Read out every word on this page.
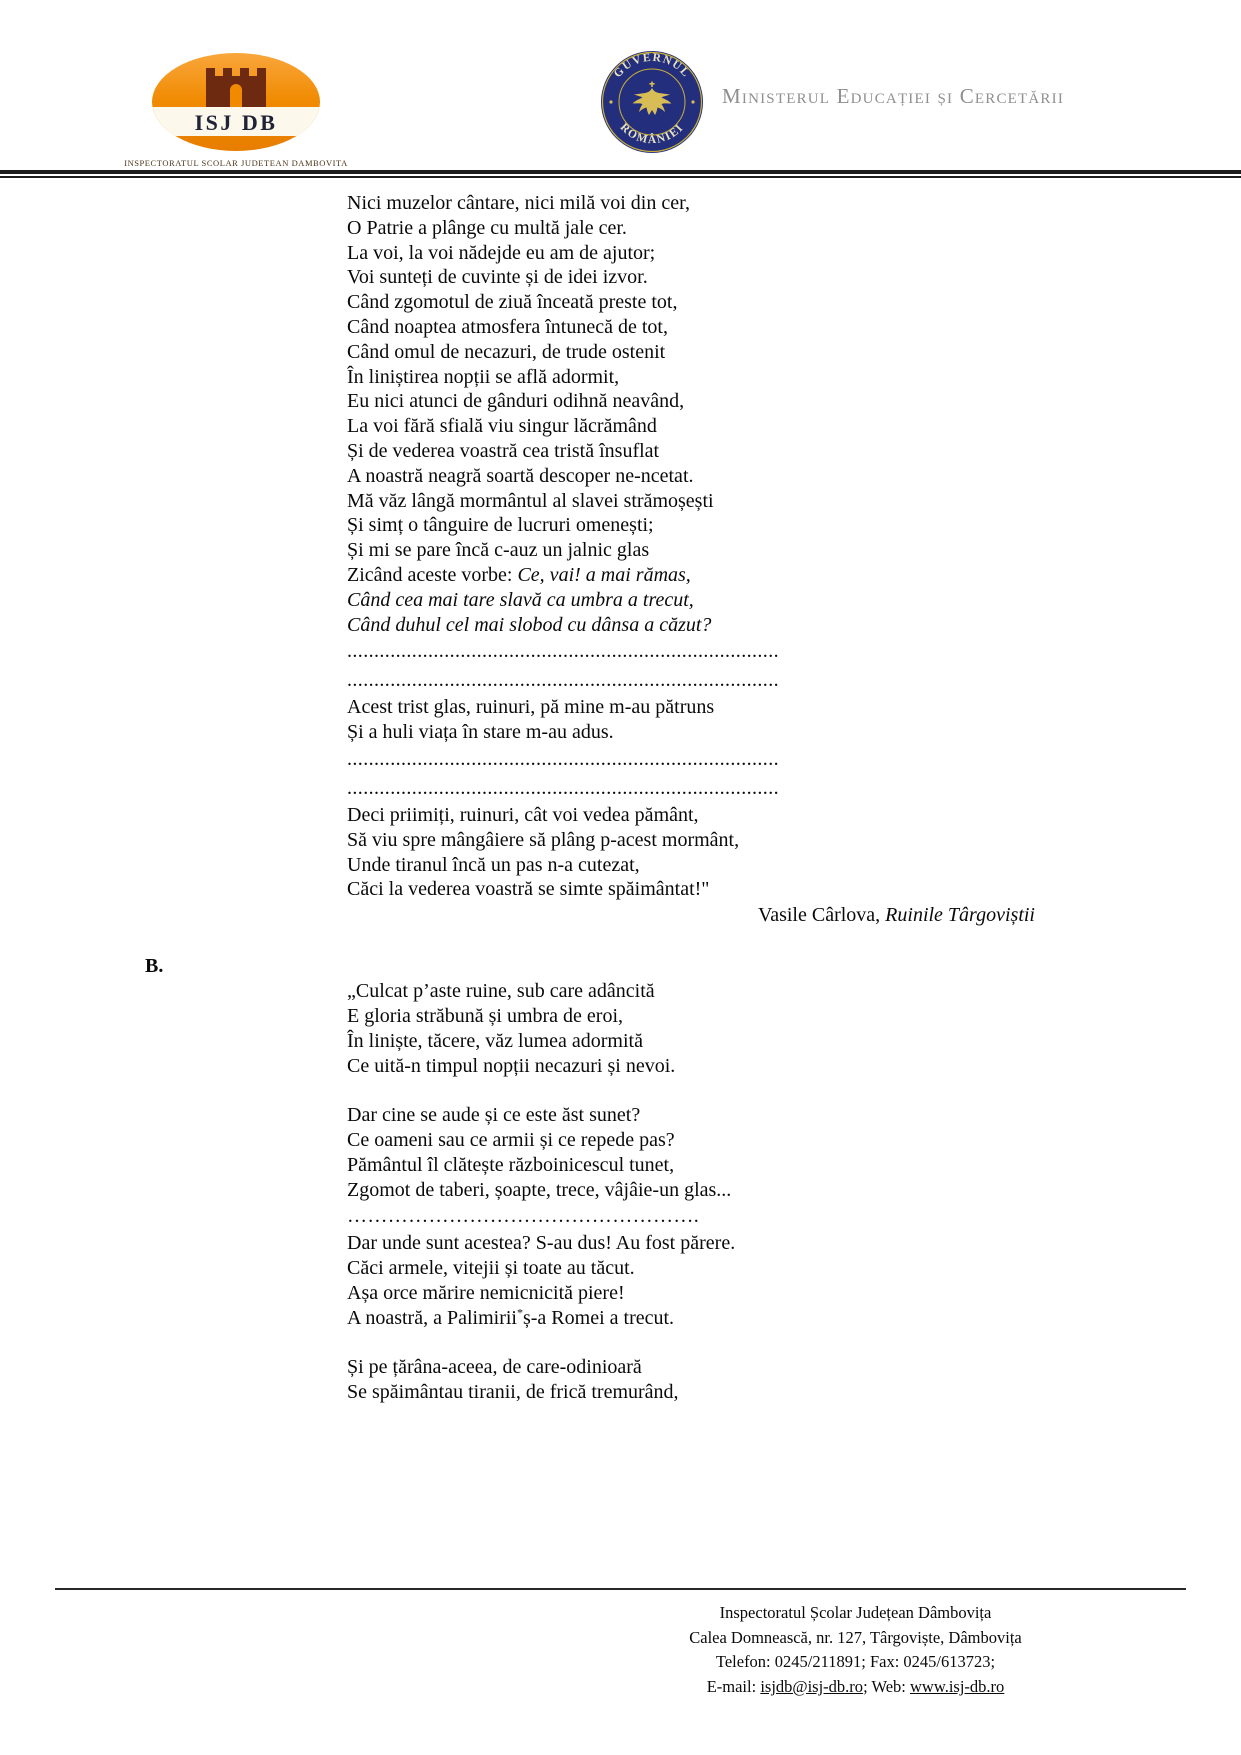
ISJ DB
INSPECTORATUL SCOLAR JUDETEAN DAMBOVITA
GUVERNUL
ROMÂNIEI
Ministerul Educației și Cercetării
Nici muzelor cântare, nici milă voi din cer,
O Patrie a plânge cu multă jale cer.
La voi, la voi nădejde eu am de ajutor;
Voi sunteți de cuvinte și de idei izvor.
Când zgomotul de ziuă înceată preste tot,
Când noaptea atmosfera întunecă de tot,
Când omul de necazuri, de trude ostenit
În liniștirea nopții se află adormit,
Eu nici atunci de gânduri odihnă neavând,
La voi fără sfială viu singur lăcrămând
Și de vederea voastră cea tristă însuflat
A noastră neagră soartă descoper ne-ncetat.
Mă văz lângă mormântul al slavei strămoșești
Și simț o tânguire de lucruri omenești;
Și mi se pare încă c-auz un jalnic glas
Zicând aceste vorbe: Ce, vai! a mai rămas,
Când cea mai tare slavă ca umbra a trecut,
Când duhul cel mai slobod cu dânsa a căzut?
................................................................................
................................................................................
Acest trist glas, ruinuri, pă mine m-au pătruns
Și a huli viața în stare m-au adus.
................................................................................
................................................................................
Deci priimiți, ruinuri, cât voi vedea pământ,
Să viu spre mângâiere să plâng p-acest mormânt,
Unde tiranul încă un pas n-a cutezat,
Căci la vederea voastră se simte spăimântat!"
Vasile Cârlova, Ruinile Târgoviștii
B.
„Culcat p’aste ruine, sub care adâncită
E gloria străbună și umbra de eroi,
În liniște, tăcere, văz lumea adormită
Ce uită-n timpul nopții necazuri și nevoi.

Dar cine se aude și ce este ăst sunet?
Ce oameni sau ce armii și ce repede pas?
Pământul îl clătește războinicescul tunet,
Zgomot de taberi, șoapte, trece, vâjâie-un glas...
…………………………………………….
Dar unde sunt acestea? S-au dus! Au fost părere.
Căci armele, vitejii și toate au tăcut.
Așa orce mărire nemicnicită piere!
A noastră, a Palimirii*ș-a Romei a trecut.

Și pe țărâna-aceea, de care-odinioară
Se spăimântau tiranii, de frică tremurând,
Inspectoratul Școlar Județean Dâmbovița
Calea Domnească, nr. 127, Târgoviște, Dâmbovița
Telefon: 0245/211891; Fax: 0245/613723;
E-mail: isjdb@isj-db.ro; Web: www.isj-db.ro
